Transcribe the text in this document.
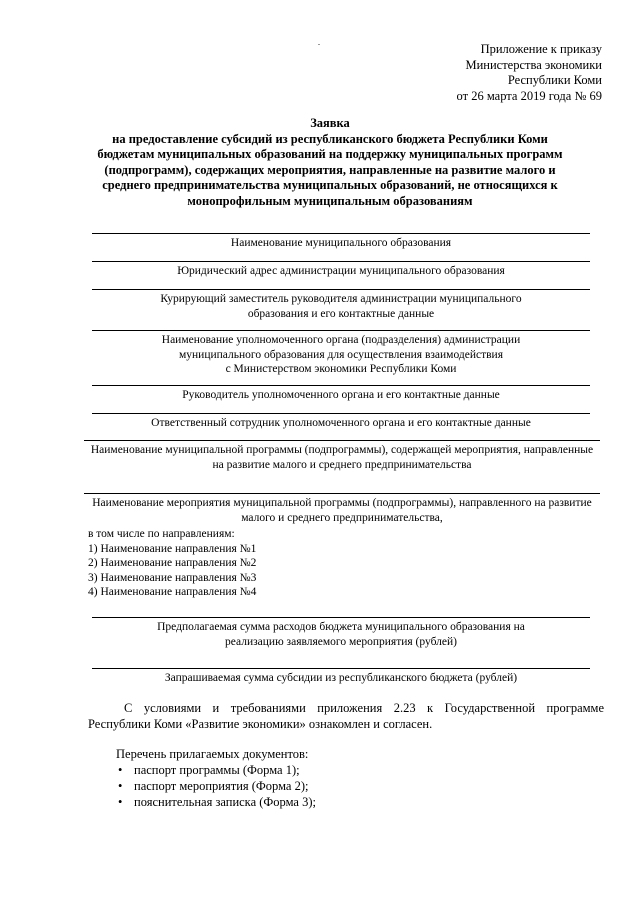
Приложение к приказу
Министерства экономики
Республики Коми
от 26 марта 2019 года № 69
Заявка
на предоставление субсидий из республиканского бюджета Республики Коми
бюджетам муниципальных образований на поддержку муниципальных программ
(подпрограмм), содержащих мероприятия, направленные на развитие малого и
среднего предпринимательства муниципальных образований, не относящихся к
монопрофильным муниципальным образованиям
Наименование муниципального образования
Юридический адрес администрации муниципального образования
Курирующий заместитель руководителя администрации муниципального
образования и его контактные данные
Наименование уполномоченного органа (подразделения) администрации
муниципального образования для осуществления взаимодействия
с Министерством экономики Республики Коми
Руководитель уполномоченного органа и его контактные данные
Ответственный сотрудник уполномоченного органа и его контактные данные
Наименование муниципальной программы (подпрограммы), содержащей мероприятия, направленные
на развитие малого и среднего предпринимательства
Наименование мероприятия муниципальной программы (подпрограммы), направленного на развитие
малого и среднего предпринимательства,
в том числе по направлениям:
1) Наименование направления №1
2) Наименование направления №2
3) Наименование направления №3
4) Наименование направления №4
Предполагаемая сумма расходов бюджета муниципального образования на
реализацию заявляемого мероприятия (рублей)
Запрашиваемая сумма субсидии из республиканского бюджета (рублей)
С условиями и требованиями приложения 2.23 к Государственной программе
Республики Коми «Развитие экономики» ознакомлен и согласен.
Перечень прилагаемых документов:
• паспорт программы (Форма 1);
• паспорт мероприятия (Форма 2);
• пояснительная записка (Форма 3);
